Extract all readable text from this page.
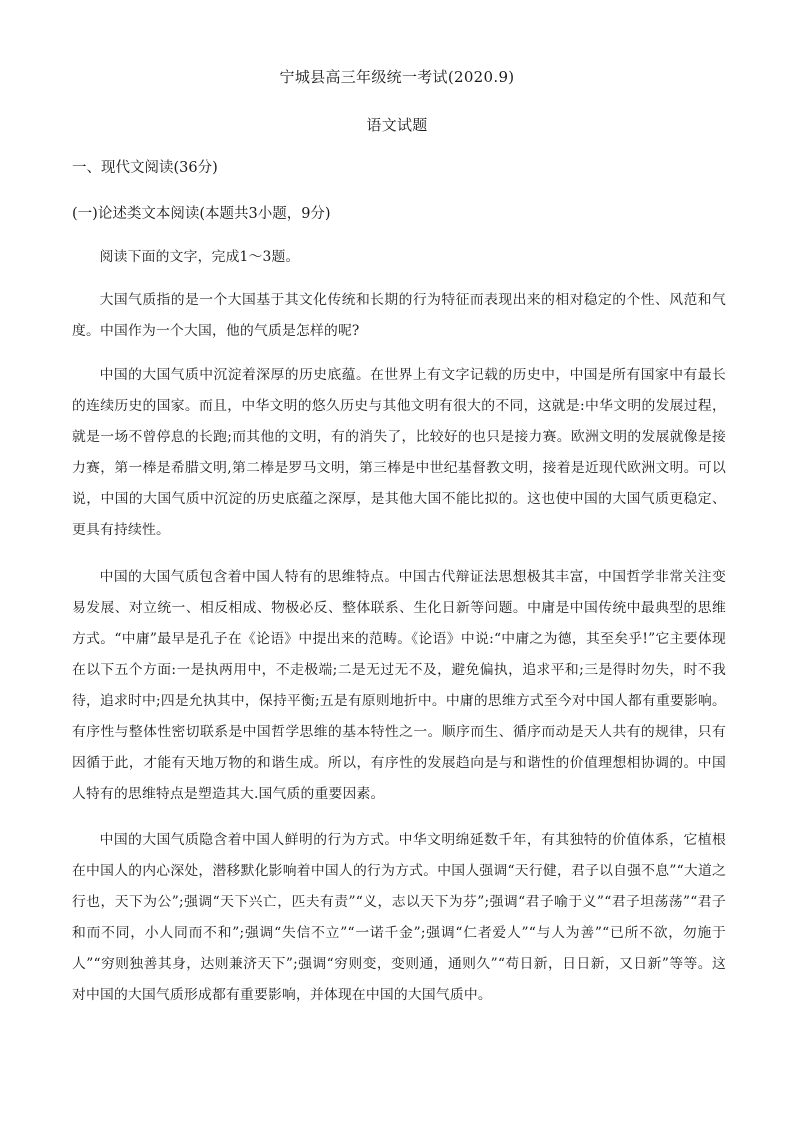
宁城县高三年级统一考试(2020.9)
语文试题
一、现代文阅读(36分)
(一)论述类文本阅读(本题共3小题，9分)

阅读下面的文字，完成1～3题。

大国气质指的是一个大国基于其文化传统和长期的行为特征而表现出来的相对稳定的个性、风范和气度。中国作为一个大国，他的气质是怎样的呢?

中国的大国气质中沉淀着深厚的历史底蕴。在世界上有文字记载的历史中，中国是所有国家中有最长的连续历史的国家。而且，中华文明的悠久历史与其他文明有很大的不同，这就是:中华文明的发展过程，就是一场不曾停息的长跑;而其他的文明，有的消失了，比较好的也只是接力赛。欧洲文明的发展就像是接力赛，第一棒是希腊文明,第二棒是罗马文明，第三棒是中世纪基督教文明，接着是近现代欧洲文明。可以说，中国的大国气质中沉淀的历史底蕴之深厚，是其他大国不能比拟的。这也使中国的大国气质更稳定、更具有持续性。

中国的大国气质包含着中国人特有的思维特点。中国古代辩证法思想极其丰富，中国哲学非常关注变易发展、对立统一、相反相成、物极必反、整体联系、生化日新等问题。中庸是中国传统中最典型的思维方式。“中庸”最早是孔子在《论语》中提出来的范畴。《论语》中说:“中庸之为德，其至矣乎!”它主要体现在以下五个方面:一是执两用中，不走极端;二是无过无不及，避免偏执，追求平和;三是得时勿失，时不我待，追求时中;四是允执其中，保持平衡;五是有原则地折中。中庸的思维方式至今对中国人都有重要影响。有序性与整体性密切联系是中国哲学思维的基本特性之一。顺序而生、循序而动是天人共有的规律，只有因循于此，才能有天地万物的和谐生成。所以，有序性的发展趋向是与和谐性的价值理想相协调的。中国人特有的思维特点是塑造其大.国气质的重要因素。

中国的大国气质隐含着中国人鲜明的行为方式。中华文明绵延数千年，有其独特的价值体系，它植根在中国人的内心深处，潜移默化影响着中国人的行为方式。中国人强调“天行健，君子以自强不息”“大道之行也，天下为公”;强调“天下兴亡，匹夫有责”“义，志以天下为芬”;强调“君子喻于义”“君子坦荡荡”“君子和而不同，小人同而不和”;强调“失信不立”“一诺千金”;强调“仁者爱人”“与人为善”“已所不欲，勿施于人”“穷则独善其身，达则兼济天下”;强调“穷则变，变则通，通则久”“苟日新，日日新，又日新”等等。这对中国的大国气质形成都有重要影响，并体现在中国的大国气质中。
